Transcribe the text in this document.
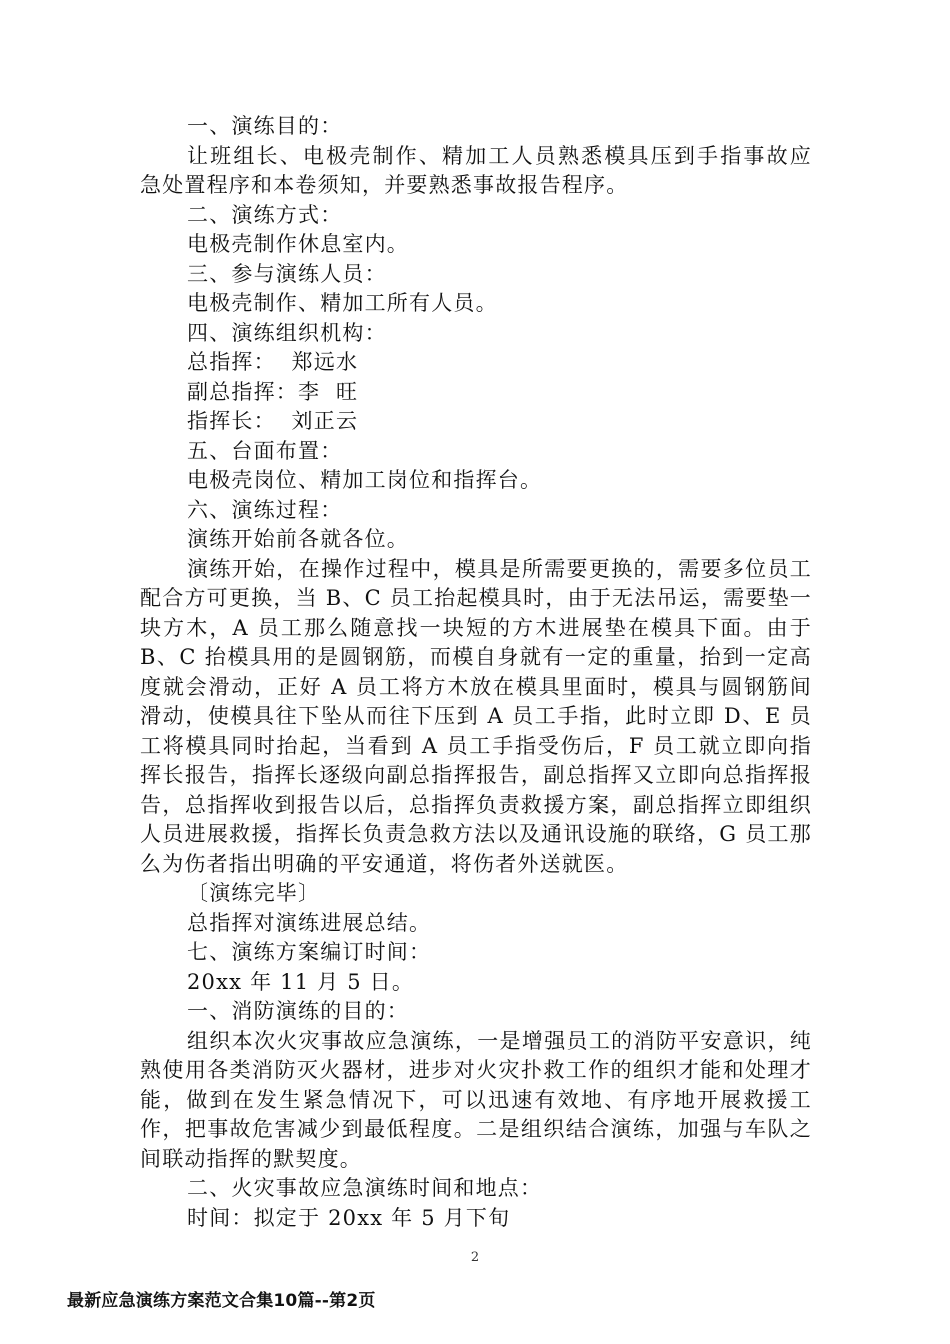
一、演练目的：
让班组长、电极壳制作、精加工人员熟悉模具压到手指事故应 急处置程序和本卷须知，并要熟悉事故报告程序。
二、演练方式：
电极壳制作休息室内。
三、参与演练人员：
电极壳制作、精加工所有人员。
四、演练组织机构：
总指挥：  郑远水
副总指挥：李  旺
指挥长：  刘正云
五、台面布置：
电极壳岗位、精加工岗位和指挥台。
六、演练过程：
演练开始前各就各位。
演练开始，在操作过程中，模具是所需要更换的，需要多位员工配合方可更换，当 B、C 员工抬起模具时，由于无法吊运，需要垫一块方木，A 员工那么随意找一块短的方木进展垫在模具下面。由于 B、C 抬模具用的是圆钢筋，而模自身就有一定的重量，抬到一定高度就会滑动，正好 A 员工将方木放在模具里面时，模具与圆钢筋间滑动，使模具往下坠从而往下压到 A 员工手指，此时立即 D、E 员工将模具同时抬起，当看到 A 员工手指受伤后，F 员工就立即向指挥长报告，指挥长逐级向副总指挥报告，副总指挥又立即向总指挥报告，总指挥收到报告以后，总指挥负责救援方案，副总指挥立即组织人员进展救援，指挥长负责急救方法以及通讯设施的联络，G 员工那么为伤者指出明确的平安通道，将伤者外送就医。
〔演练完毕〕
总指挥对演练进展总结。
七、演练方案编订时间：
20xx 年 11 月 5 日。
一、消防演练的目的：
组织本次火灾事故应急演练，一是增强员工的消防平安意识，纯熟使用各类消防灭火器材，进步对火灾扑救工作的组织才能和处理才能，做到在发生紧急情况下，可以迅速有效地、有序地开展救援工作，把事故危害减少到最低程度。二是组织结合演练，加强与车队之间联动指挥的默契度。
二、火灾事故应急演练时间和地点：
时间：拟定于 20xx 年 5 月下旬
2
最新应急演练方案范文合集10篇--第2页
